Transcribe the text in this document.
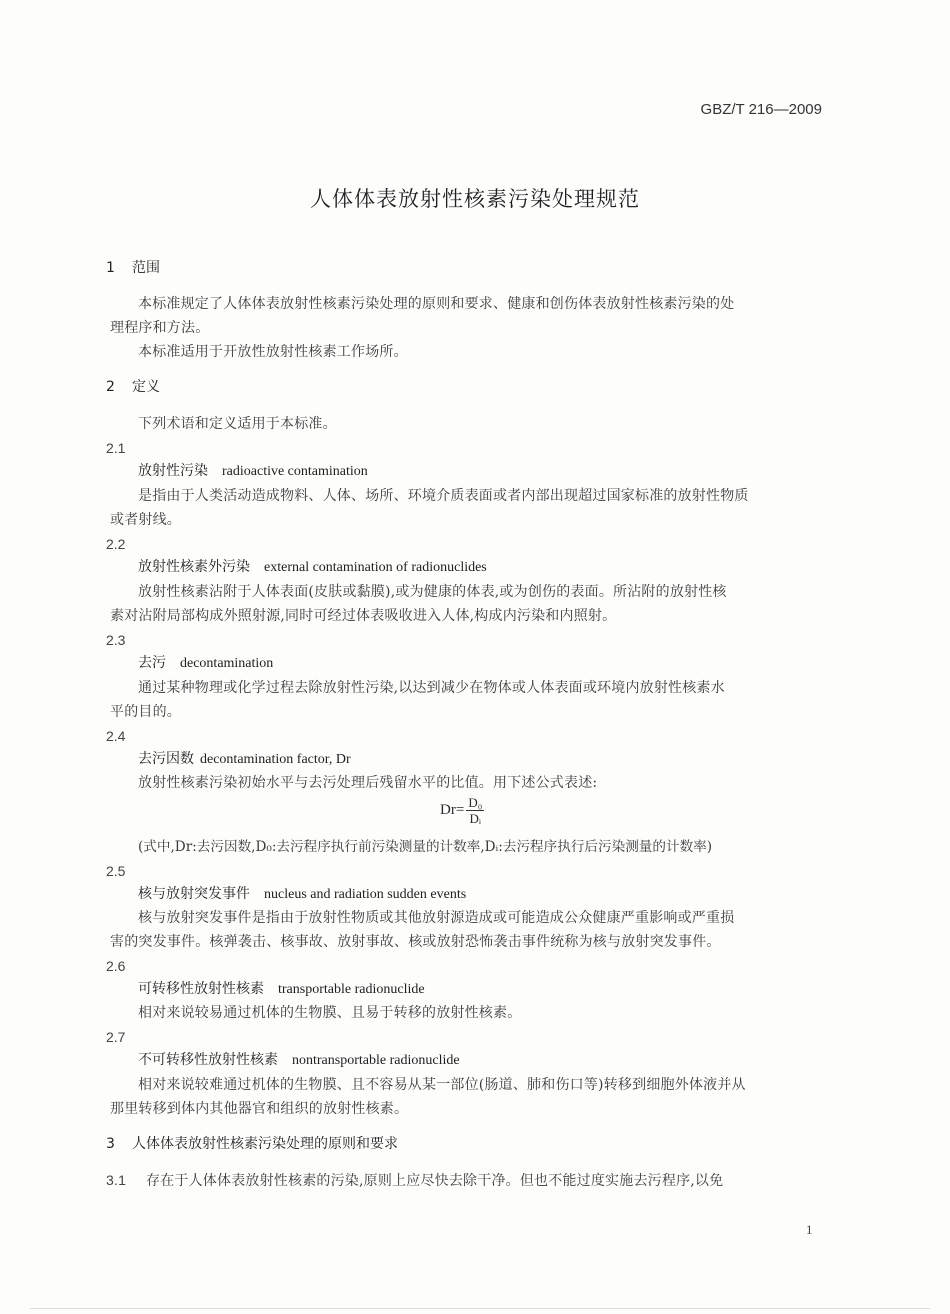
GBZ/T 216—2009
人体体表放射性核素污染处理规范
1 范围
本标准规定了人体体表放射性核素污染处理的原则和要求、健康和创伤体表放射性核素污染的处
理程序和方法。
本标准适用于开放性放射性核素工作场所。
2 定义
下列术语和定义适用于本标准。
2.1
放射性污染 radioactive contamination
是指由于人类活动造成物料、人体、场所、环境介质表面或者内部出现超过国家标准的放射性物质
或者射线。
2.2
放射性核素外污染 external contamination of radionuclides
放射性核素沾附于人体表面(皮肤或黏膜),或为健康的体表,或为创伤的表面。所沾附的放射性核
素对沾附局部构成外照射源,同时可经过体表吸收进入人体,构成内污染和内照射。
2.3
去污 decontamination
通过某种物理或化学过程去除放射性污染,以达到减少在物体或人体表面或环境内放射性核素水
平的目的。
2.4
去污因数 decontamination factor, Dr
放射性核素污染初始水平与去污处理后残留水平的比值。用下述公式表述:
$Dr= \frac{\text{D₀}}{\text{Dᵢ}}$
(式中,Dr:去污因数,D₀:去污程序执行前污染测量的计数率,Dᵢ:去污程序执行后污染测量的计数率)
2.5
核与放射突发事件 nucleus and radiation sudden events
核与放射突发事件是指由于放射性物质或其他放射源造成或可能造成公众健康严重影响或严重损
害的突发事件。核弹袭击、核事故、放射事故、核或放射恐怖袭击事件统称为核与放射突发事件。
2.6
可转移性放射性核素 transportable radionuclide
相对来说较易通过机体的生物膜、且易于转移的放射性核素。
2.7
不可转移性放射性核素 nontransportable radionuclide
相对来说较难通过机体的生物膜、且不容易从某一部位(肠道、肺和伤口等)转移到细胞外体液并从
那里转移到体内其他器官和组织的放射性核素。
3 人体体表放射性核素污染处理的原则和要求
3.1 存在于人体体表放射性核素的污染,原则上应尽快去除干净。但也不能过度实施去污程序,以免
1
